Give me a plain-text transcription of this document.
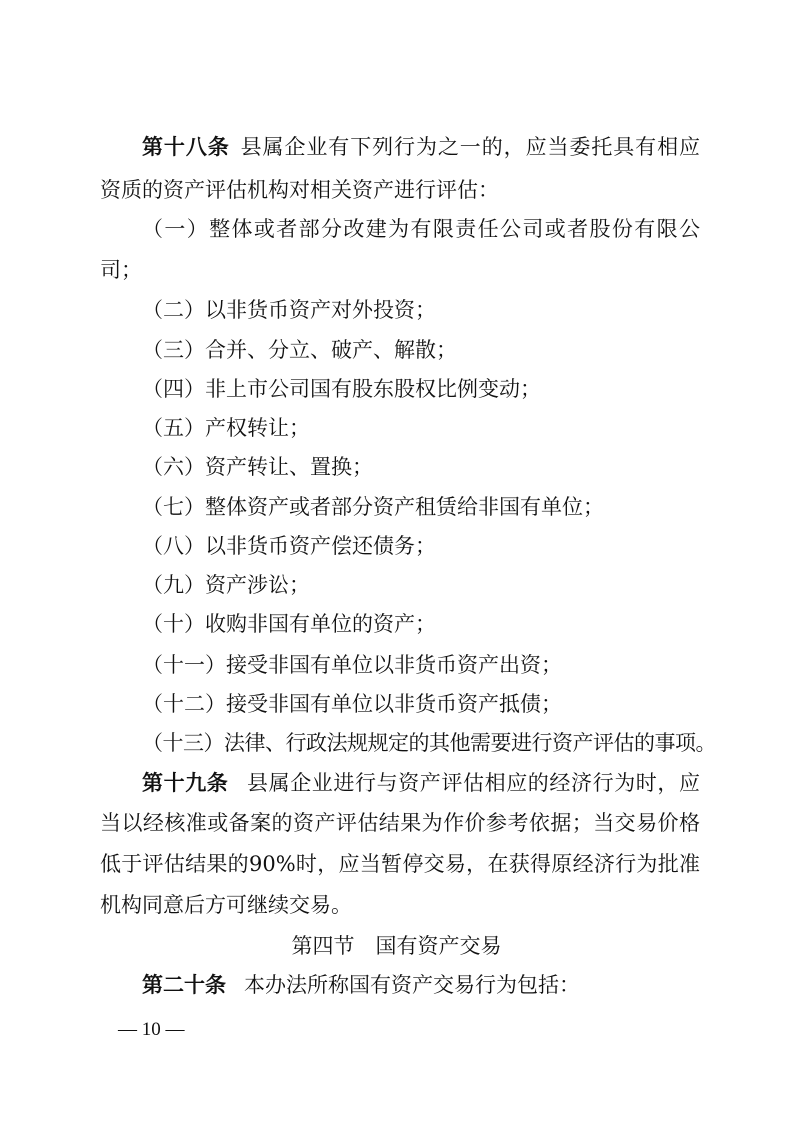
第十八条 县属企业有下列行为之一的，应当委托具有相应
资质的资产评估机构对相关资产进行评估：
（一）整体或者部分改建为有限责任公司或者股份有限公
司；
（二）以非货币资产对外投资；
（三）合并、分立、破产、解散；
（四）非上市公司国有股东股权比例变动；
（五）产权转让；
（六）资产转让、置换；
（七）整体资产或者部分资产租赁给非国有单位；
（八）以非货币资产偿还债务；
（九）资产涉讼；
（十）收购非国有单位的资产；
（十一）接受非国有单位以非货币资产出资；
（十二）接受非国有单位以非货币资产抵债；
（十三）法律、行政法规规定的其他需要进行资产评估的事项。
第十九条 县属企业进行与资产评估相应的经济行为时，应
当以经核准或备案的资产评估结果为作价参考依据；当交易价格
低于评估结果的90%时，应当暂停交易，在获得原经济行为批准
机构同意后方可继续交易。
第四节　国有资产交易
第二十条 本办法所称国有资产交易行为包括：
— 10 —
